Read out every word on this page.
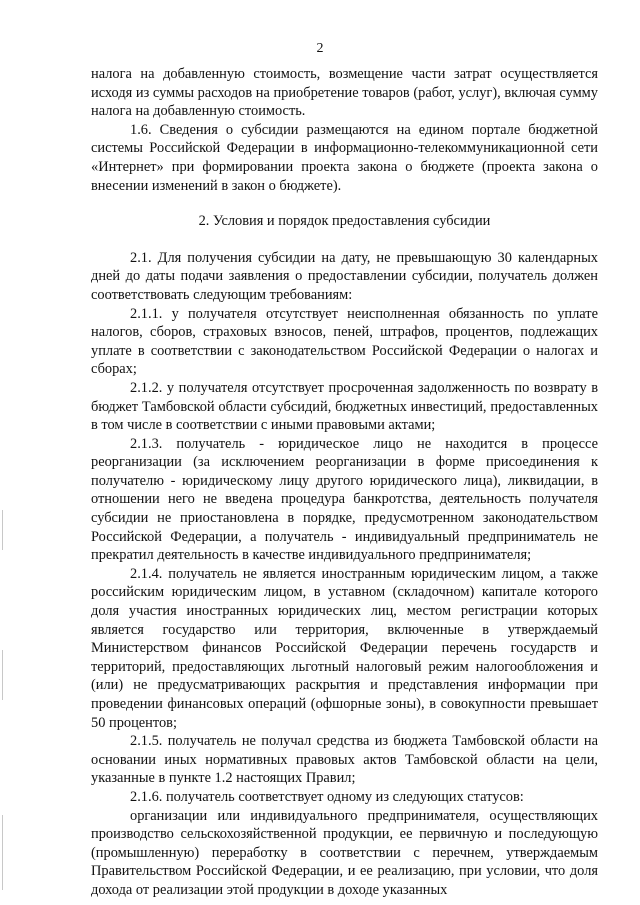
2

налога на добавленную стоимость, возмещение части затрат осуществляется исходя из суммы расходов на приобретение товаров (работ, услуг), включая сумму налога на добавленную стоимость.

1.6. Сведения о субсидии размещаются на едином портале бюджетной системы Российской Федерации в информационно-телекоммуникационной сети «Интернет» при формировании проекта закона о бюджете (проекта закона о внесении изменений в закон о бюджете).

2. Условия и порядок предоставления субсидии

2.1. Для получения субсидии на дату, не превышающую 30 календарных дней до даты подачи заявления о предоставлении субсидии, получатель должен соответствовать следующим требованиям:

2.1.1. у получателя отсутствует неисполненная обязанность по уплате налогов, сборов, страховых взносов, пеней, штрафов, процентов, подлежащих уплате в соответствии с законодательством Российской Федерации о налогах и сборах;

2.1.2. у получателя отсутствует просроченная задолженность по возврату в бюджет Тамбовской области субсидий, бюджетных инвестиций, предоставленных в том числе в соответствии с иными правовыми актами;

2.1.3. получатель - юридическое лицо не находится в процессе реорганизации (за исключением реорганизации в форме присоединения к получателю - юридическому лицу другого юридического лица), ликвидации, в отношении него не введена процедура банкротства, деятельность получателя субсидии не приостановлена в порядке, предусмотренном законодательством Российской Федерации, а получатель - индивидуальный предприниматель не прекратил деятельность в качестве индивидуального предпринимателя;

2.1.4. получатель не является иностранным юридическим лицом, а также российским юридическим лицом, в уставном (складочном) капитале которого доля участия иностранных юридических лиц, местом регистрации которых является государство или территория, включенные в утверждаемый Министерством финансов Российской Федерации перечень государств и территорий, предоставляющих льготный налоговый режим налогообложения и (или) не предусматривающих раскрытия и представления информации при проведении финансовых операций (офшорные зоны), в совокупности превышает 50 процентов;

2.1.5. получатель не получал средства из бюджета Тамбовской области на основании иных нормативных правовых актов Тамбовской области на цели, указанные в пункте 1.2 настоящих Правил;

2.1.6. получатель соответствует одному из следующих статусов:

организации или индивидуального предпринимателя, осуществляющих производство сельскохозяйственной продукции, ее первичную и последующую (промышленную) переработку в соответствии с перечнем, утверждаемым Правительством Российской Федерации, и ее реализацию, при условии, что доля дохода от реализации этой продукции в доходе указанных
